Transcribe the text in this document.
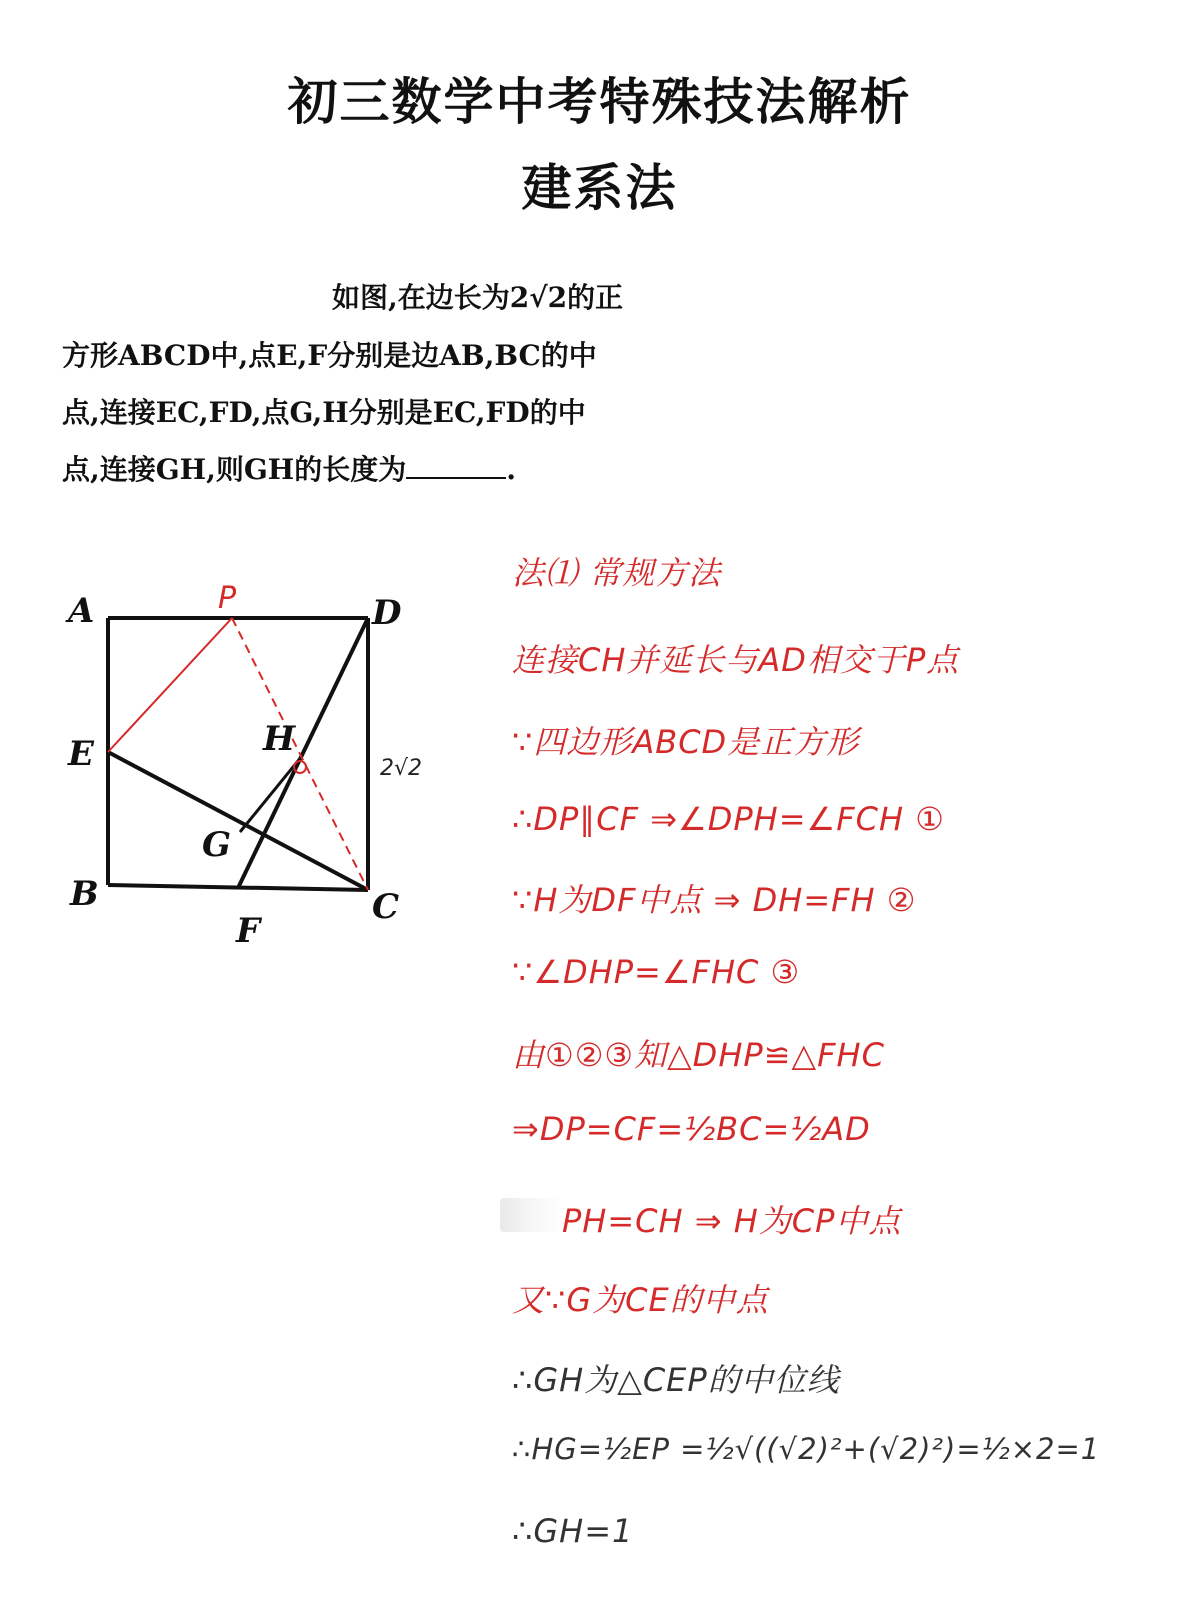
初三数学中考特殊技法解析
建系法
如图,在边长为2√2的正
方形ABCD中,点E,F分别是边AB,BC的中
点,连接EC,FD,点G,H分别是EC,FD的中
点,连接GH,则GH的长度为	.
A	D
E	H
G
B	C
F
P
2√2
法⑴ 常规方法
连接CH并延长与AD相交于P点
∵四边形ABCD是正方形
∴DP∥CF ⇒∠DPH=∠FCH ①
∵H为DF中点 ⇒ DH=FH ②
∵∠DHP=∠FHC ③
由①②③知△DHP≌△FHC
⇒DP=CF=½BC=½AD
PH=CH ⇒ H为CP中点
又∵G为CE的中点
∴GH为△CEP的中位线
∴HG=½EP =½√((√2)²+(√2)²)=½×2=1
∴GH=1
